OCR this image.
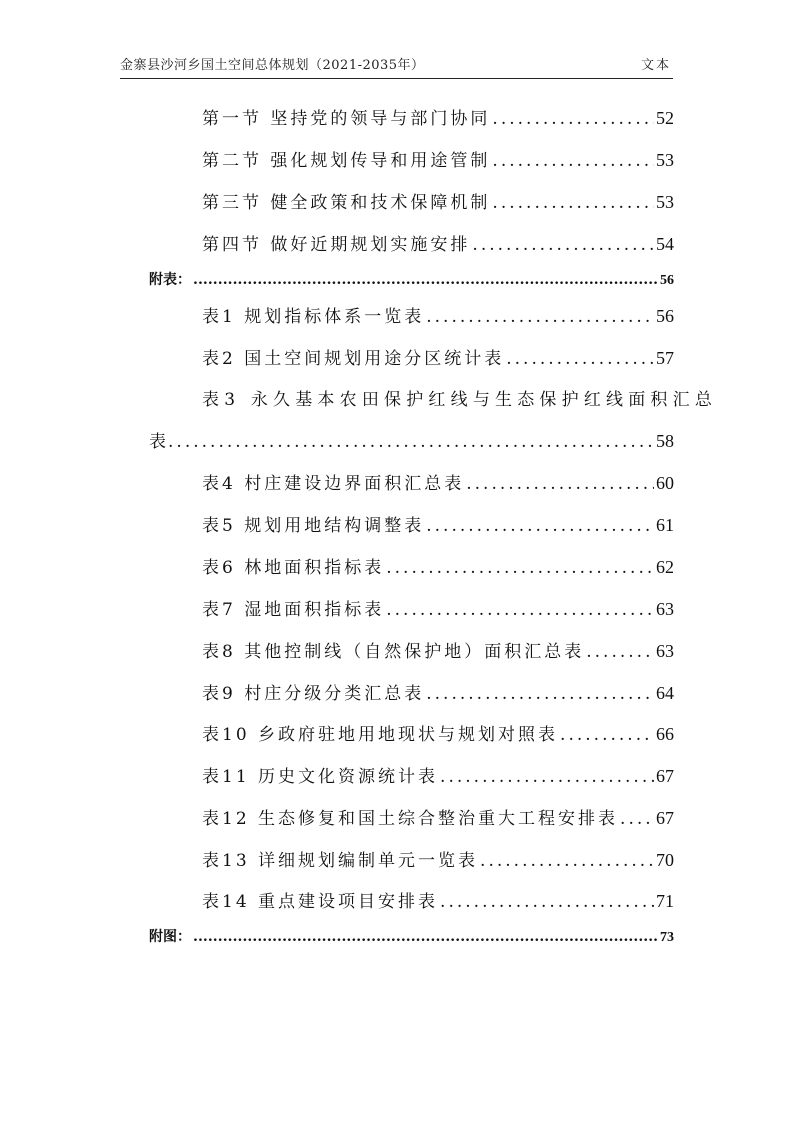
金寨县沙河乡国土空间总体规划（2021-2035年）	文本
第一节 坚持党的领导与部门协同 . . .	52
第二节 强化规划传导和用途管制 . . .	53
第三节 健全政策和技术保障机制 . . .	53
第四节 做好近期规划实施安排 . . .	54
附表： . . .	56
表1 规划指标体系一览表 . . .	56
表2 国土空间规划用途分区统计表 . . .	57
表3 永久基本农田保护红线与生态保护红线面积汇总
表 . . .	58
表4 村庄建设边界面积汇总表 . . .	60
表5 规划用地结构调整表 . . .	61
表6 林地面积指标表 . . .	62
表7 湿地面积指标表 . . .	63
表8 其他控制线（自然保护地）面积汇总表 . . .	63
表9 村庄分级分类汇总表 . . .	64
表10 乡政府驻地用地现状与规划对照表 . . .	66
表11 历史文化资源统计表 . . .	67
表12 生态修复和国土综合整治重大工程安排表 . . . 67
表13 详细规划编制单元一览表 . . .	70
表14 重点建设项目安排表 . . .	71
附图： . . .	73
